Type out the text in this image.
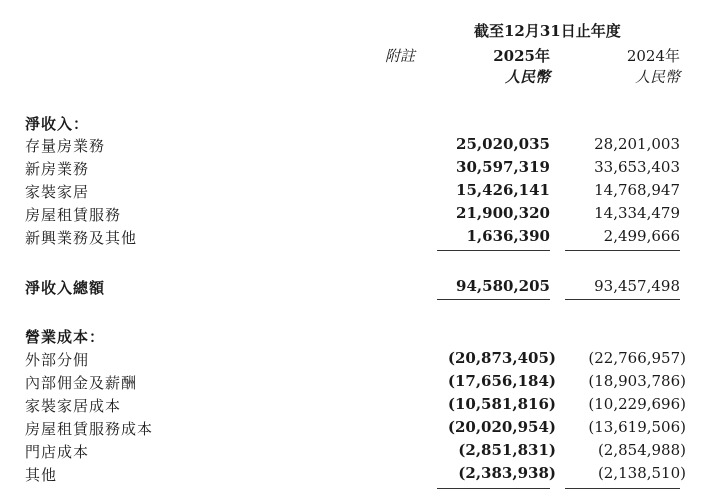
截至12月31日止年度
附註	2025年	2024年
人民幣	人民幣
淨收入：
存量房業務	25,020,035	28,201,003
新房業務	30,597,319	33,653,403
家裝家居	15,426,141	14,768,947
房屋租賃服務	21,900,320	14,334,479
新興業務及其他	1,636,390	2,499,666
淨收入總額	94,580,205	93,457,498
營業成本：
外部分佣	(20,873,405) (22,766,957)
內部佣金及薪酬	(17,656,184) (18,903,786)
家裝家居成本	(10,581,816) (10,229,696)
房屋租賃服務成本	(20,020,954) (13,619,506)
門店成本	(2,851,831)	(2,854,988)
其他	(2,383,938)	(2,138,510)
